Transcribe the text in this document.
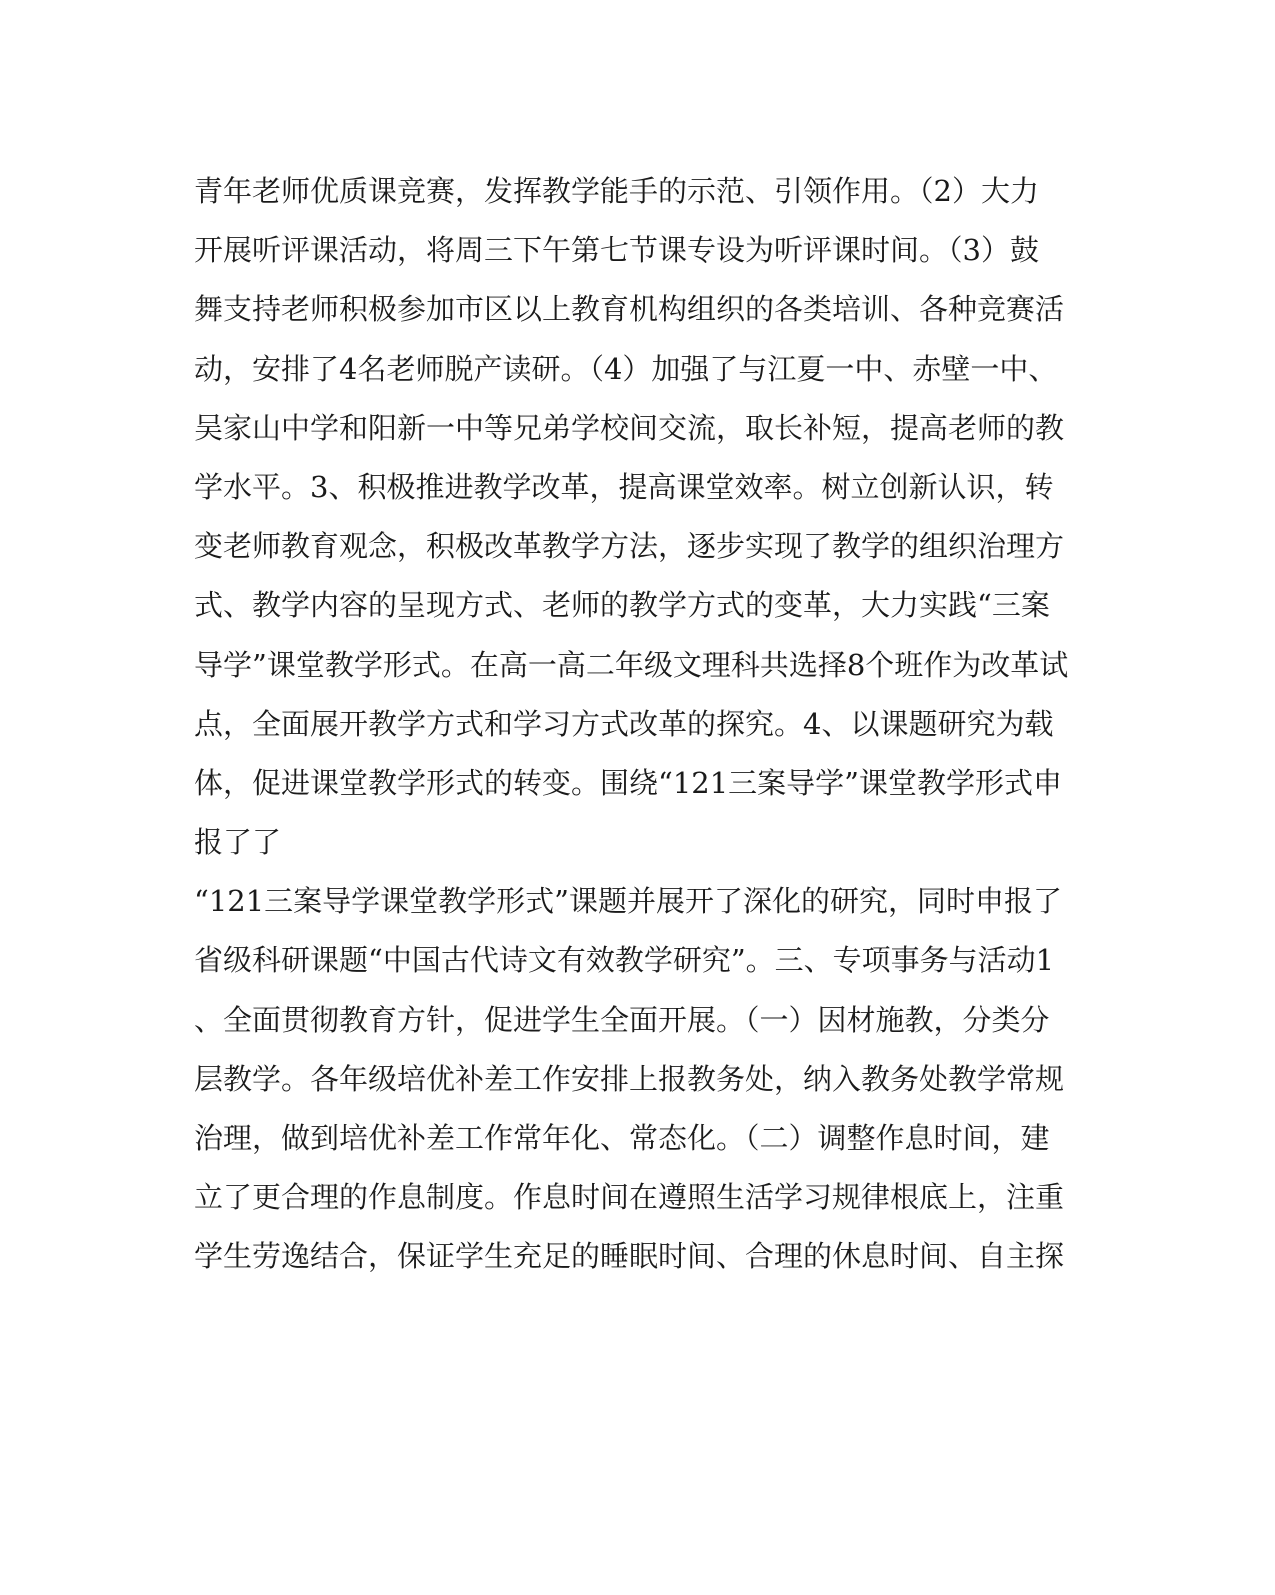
青年老师优质课竞赛，发挥教学能手的示范、引领作用。（2）大力
开展听评课活动，将周三下午第七节课专设为听评课时间。（3）鼓
舞支持老师积极参加市区以上教育机构组织的各类培训、各种竞赛活
动，安排了4名老师脱产读研。（4）加强了与江夏一中、赤壁一中、
吴家山中学和阳新一中等兄弟学校间交流，取长补短，提高老师的教
学水平。3、积极推进教学改革，提高课堂效率。树立创新认识，转
变老师教育观念，积极改革教学方法，逐步实现了教学的组织治理方
式、教学内容的呈现方式、老师的教学方式的变革，大力实践“三案
导学”课堂教学形式。在高一高二年级文理科共选择8个班作为改革试
点，全面展开教学方式和学习方式改革的探究。4、以课题研究为载
体，促进课堂教学形式的转变。围绕“121三案导学”课堂教学形式申
报了了
“121三案导学课堂教学形式”课题并展开了深化的研究，同时申报了
省级科研课题“中国古代诗文有效教学研究”。三、专项事务与活动1
、全面贯彻教育方针，促进学生全面开展。（一）因材施教，分类分
层教学。各年级培优补差工作安排上报教务处，纳入教务处教学常规
治理，做到培优补差工作常年化、常态化。（二）调整作息时间，建
立了更合理的作息制度。作息时间在遵照生活学习规律根底上，注重
学生劳逸结合，保证学生充足的睡眠时间、合理的休息时间、自主探
